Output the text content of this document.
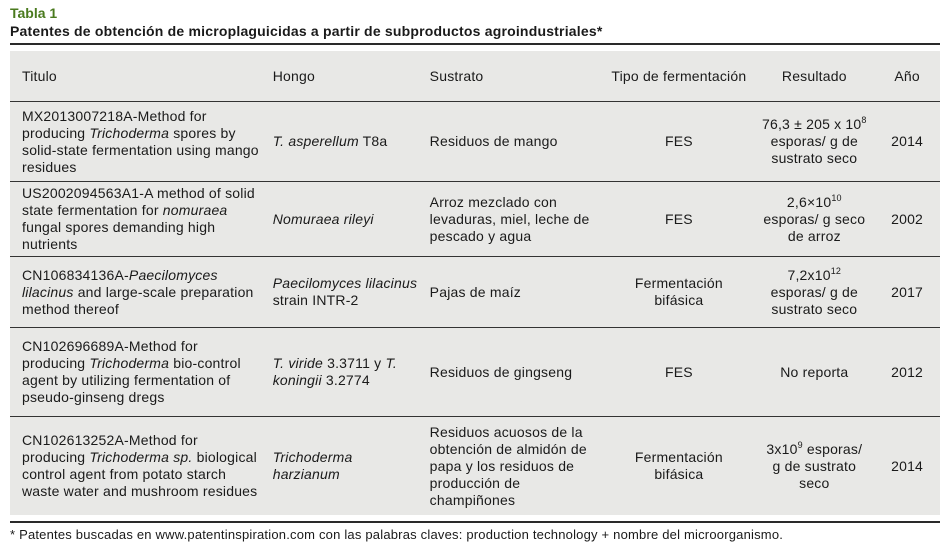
Tabla 1
Patentes de obtención de microplaguicidas a partir de subproductos agroindustriales*
Titulo	Hongo	Sustrato	Tipo de fermentación	Resultado	Año
MX2013007218A-Method for producing Trichoderma spores by solid-state fermentation using mango residues	T. asperellum T8a	Residuos de mango	FES	76,3 ± 205 x $10^8$ esporas/ g de sustrato seco	2014
US2002094563A1-A method of solid state fermentation for nomuraea fungal spores demanding high nutrients	Nomuraea rileyi	Arroz mezclado con levaduras, miel, leche de pescado y agua	FES	$2,6\times 10^{10}$ esporas/ g seco de arroz	2002
CN106834136A-Paecilomyces lilacinus and large-scale preparation method thereof	Paecilomyces lilacinus strain INTR-2	Pajas de maíz	Fermentación bifásica	$7,2x10^{12}$ esporas/ g de sustrato seco	2017
CN102696689A-Method for producing Trichoderma bio-control agent by utilizing fermentation of pseudo-ginseng dregs	T. viride 3.3711 y T. koningii 3.2774	Residuos de gingseng	FES	No reporta	2012
CN102613252A-Method for producing Trichoderma sp. biological control agent from potato starch waste water and mushroom residues	Trichoderma harzianum	Residuos acuosos de la obtención de almidón de papa y los residuos de producción de champiñones	Fermentación bifásica	$3x10^9$ esporas/ g de sustrato seco	2014
* Patentes buscadas en www.patentinspiration.com con las palabras claves: production technology + nombre del microorganismo.
